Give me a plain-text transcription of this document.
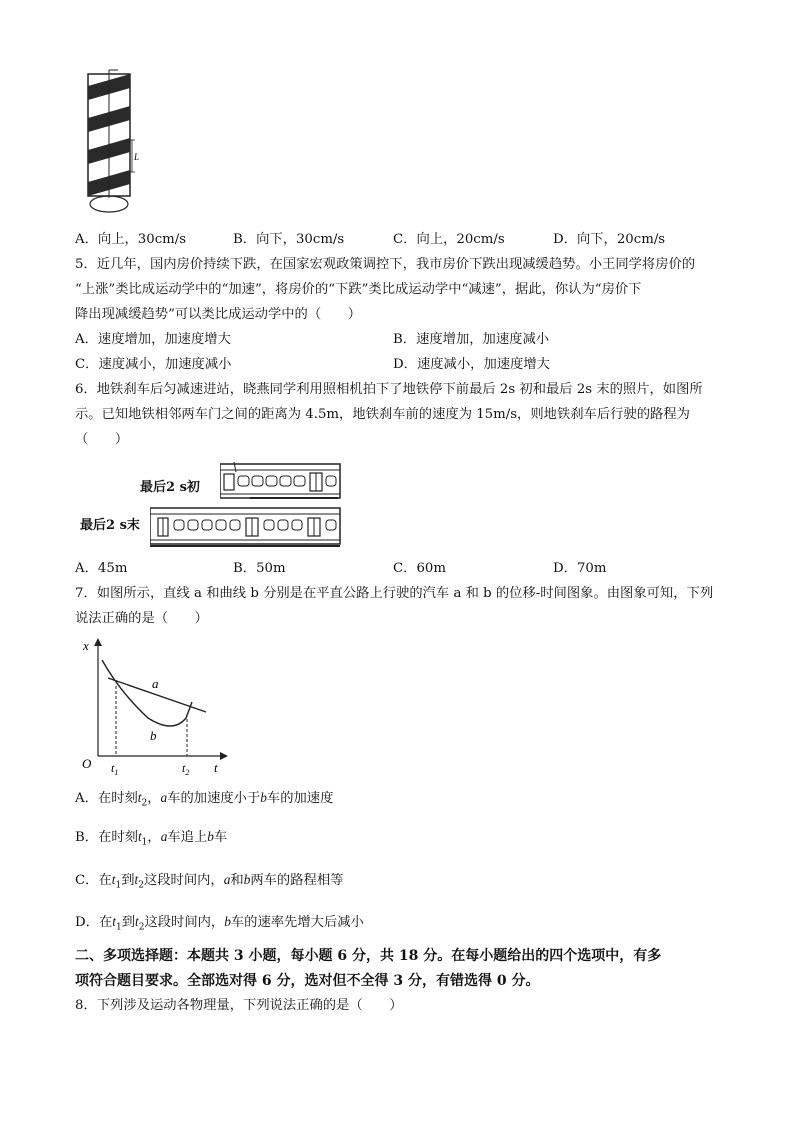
L
A．向上，30cm/s	B．向下，30cm/s	C．向上，20cm/s	D．向下，20cm/s
5．近几年，国内房价持续下跌，在国家宏观政策调控下，我市房价下跌出现减缓趋势。小王同学将房价的
“上涨”类比成运动学中的“加速”，将房价的“下跌”类比成运动学中“减速”，据此，你认为“房价下
降出现减缓趋势”可以类比成运动学中的（　　）
A．速度增加，加速度增大	B．速度增加，加速度减小
C．速度减小，加速度减小	D．速度减小，加速度增大
6．地铁刹车后匀减速进站，晓燕同学利用照相机拍下了地铁停下前最后 2s 初和最后 2s 末的照片，如图所
示。已知地铁相邻两车门之间的距离为 4.5m，地铁刹车前的速度为 15m/s，则地铁刹车后行驶的路程为
（　　）
最后2 s初
最后2 s末
A．45m	B．50m	C．60m	D．70m
7．如图所示，直线 a 和曲线 b 分别是在平直公路上行驶的汽车 a 和 b 的位移-时间图象。由图象可知，下列
说法正确的是（　　）
x
t
O $t_1$	$t_2$
a
b
A．在时刻$t_2$，a车的加速度小于b车的加速度
B．在时刻$t_1$，a车追上b车
C．在$t_1$到$t_2$这段时间内，a和b两车的路程相等
D．在$t_1$到$t_2$这段时间内，b车的速率先增大后减小
二、多项选择题：本题共 3 小题，每小题 6 分，共 18 分。在每小题给出的四个选项中，有多
项符合题目要求。全部选对得 6 分，选对但不全得 3 分，有错选得 0 分。
8．下列涉及运动各物理量，下列说法正确的是（　　）
